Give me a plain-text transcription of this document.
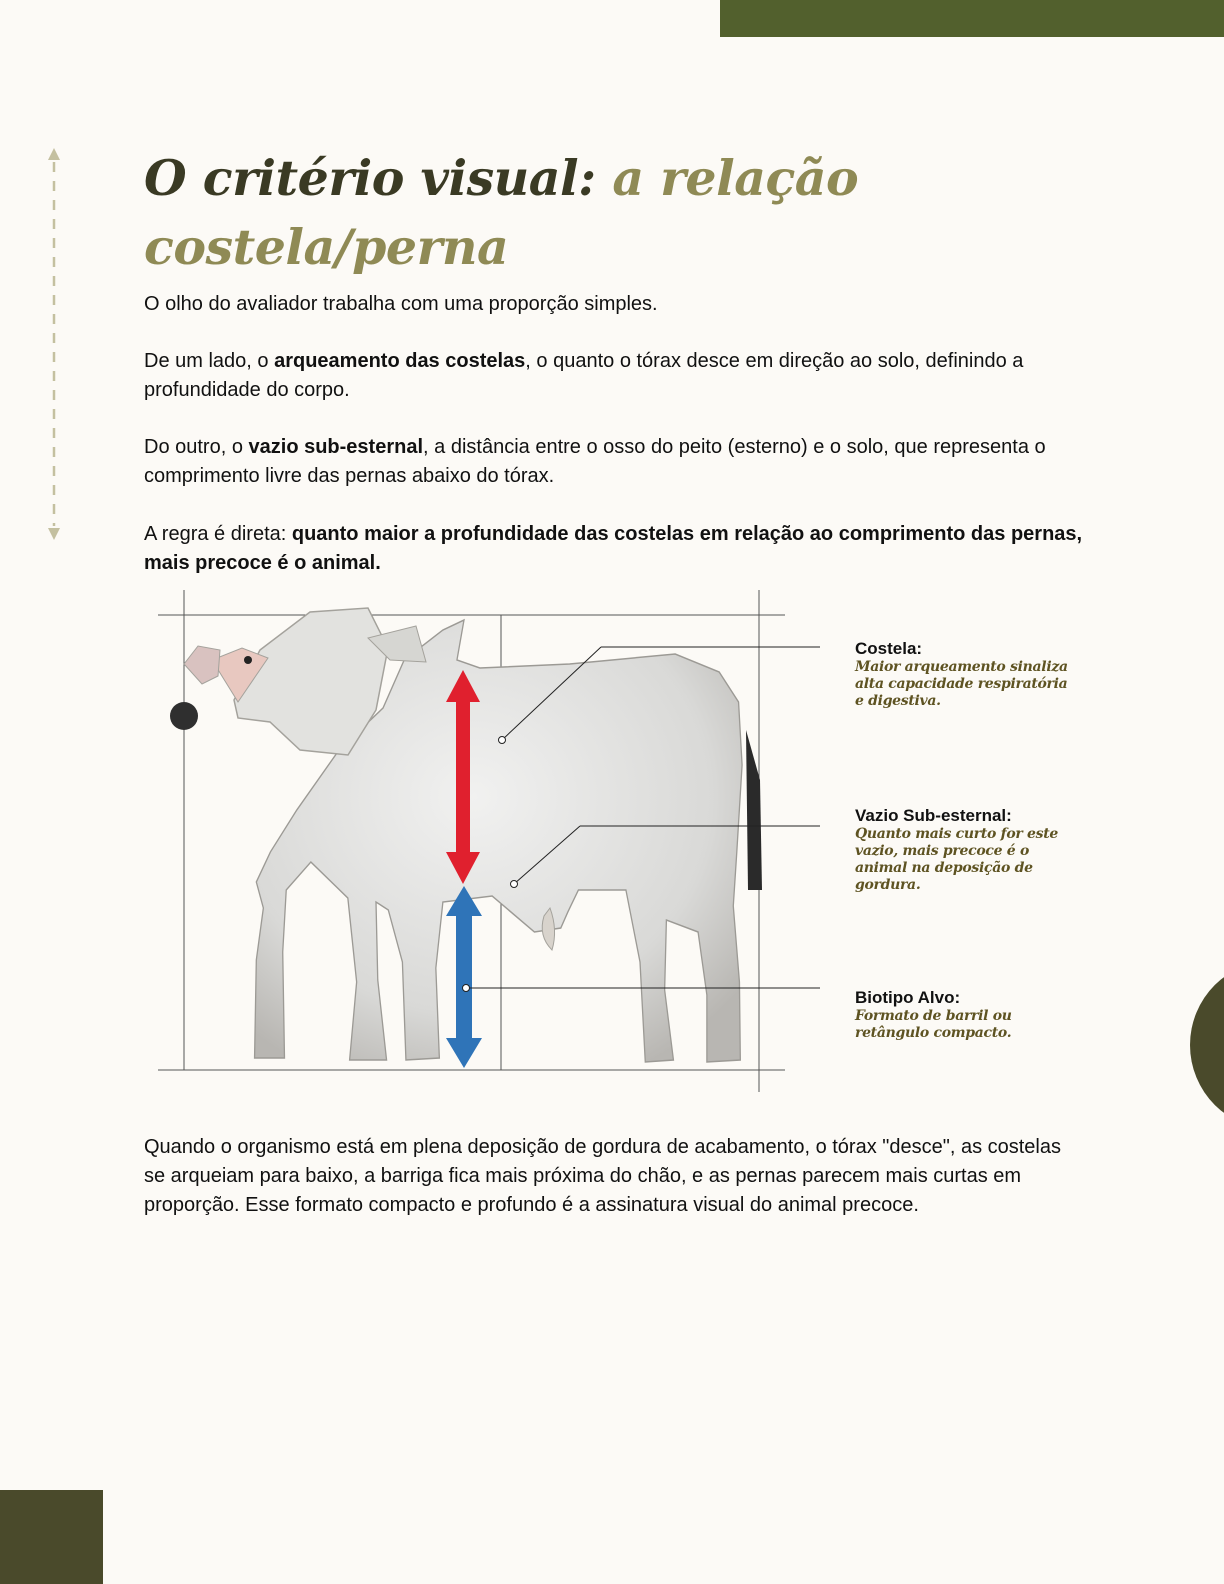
O critério visual: a relação costela/perna

O olho do avaliador trabalha com uma proporção simples.

De um lado, o arqueamento das costelas, o quanto o tórax desce em direção ao solo, definindo a profundidade do corpo.

Do outro, o vazio sub-esternal, a distância entre o osso do peito (esterno) e o solo, que representa o comprimento livre das pernas abaixo do tórax.

A regra é direta: quanto maior a profundidade das costelas em relação ao comprimento das pernas, mais precoce é o animal.

Costela:
Maior arqueamento sinaliza alta capacidade respiratória e digestiva.
Vazio Sub-esternal:
Quanto mais curto for este vazio, mais precoce é o animal na deposição de gordura.
Biotipo Alvo:
Formato de barril ou retângulo compacto.

Quando o organismo está em plena deposição de gordura de acabamento, o tórax "desce", as costelas se arqueiam para baixo, a barriga fica mais próxima do chão, e as pernas parecem mais curtas em proporção. Esse formato compacto e profundo é a assinatura visual do animal precoce.
